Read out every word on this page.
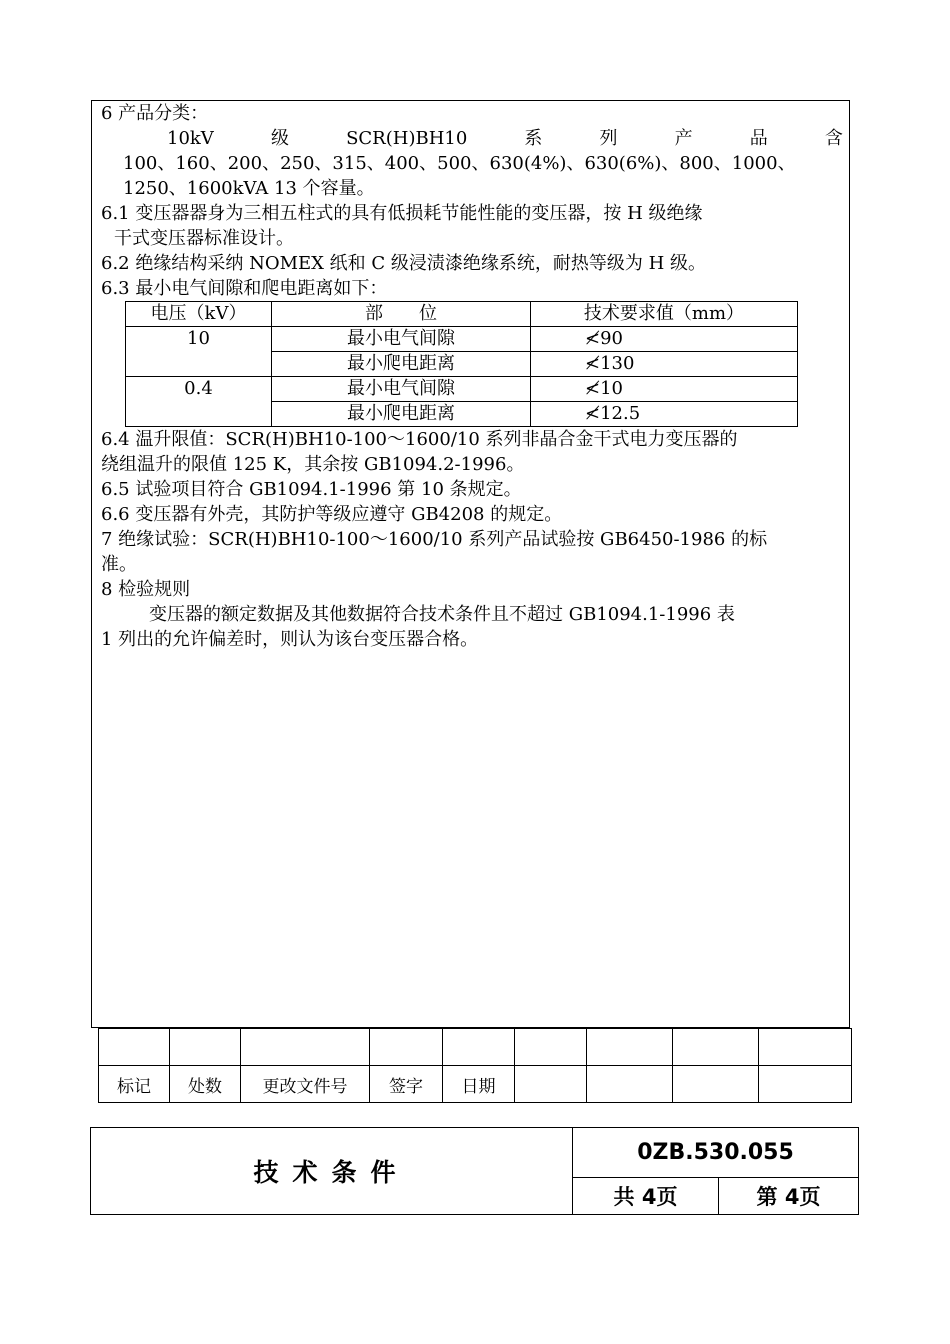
6 产品分类：
10kV	级	SCR(H)BH10	系	列	产	品	含
100、160、200、250、315、400、500、630(4%)、630(6%)、800、1000、
1250、1600kVA 13 个容量。
6.1 变压器器身为三相五柱式的具有低损耗节能性能的变压器，按 H 级绝缘
干式变压器标准设计。
6.2 绝缘结构采纳 NOMEX 纸和 C 级浸渍漆绝缘系统，耐热等级为 H 级。
6.3 最小电气间隙和爬电距离如下：
电压（kV）	部　　位	技术要求值（mm）
10	最小电气间隙	≮90
	最小爬电距离	≮130
0.4	最小电气间隙	≮10
	最小爬电距离	≮12.5
6.4 温升限值：SCR(H)BH10-100～1600/10 系列非晶合金干式电力变压器的
绕组温升的限值 125 K，其余按 GB1094.2-1996。
6.5 试验项目符合 GB1094.1-1996 第 10 条规定。
6.6 变压器有外壳，其防护等级应遵守 GB4208 的规定。
7 绝缘试验：SCR(H)BH10-100～1600/10 系列产品试验按 GB6450-1986 的标
准。
8 检验规则
变压器的额定数据及其他数据符合技术条件且不超过 GB1094.1-1996 表
1 列出的允许偏差时，则认为该台变压器合格。

标记	处数	更改文件号	签字	日期				
技术条件	0ZB.530.055	
	共 4页	第 4页
